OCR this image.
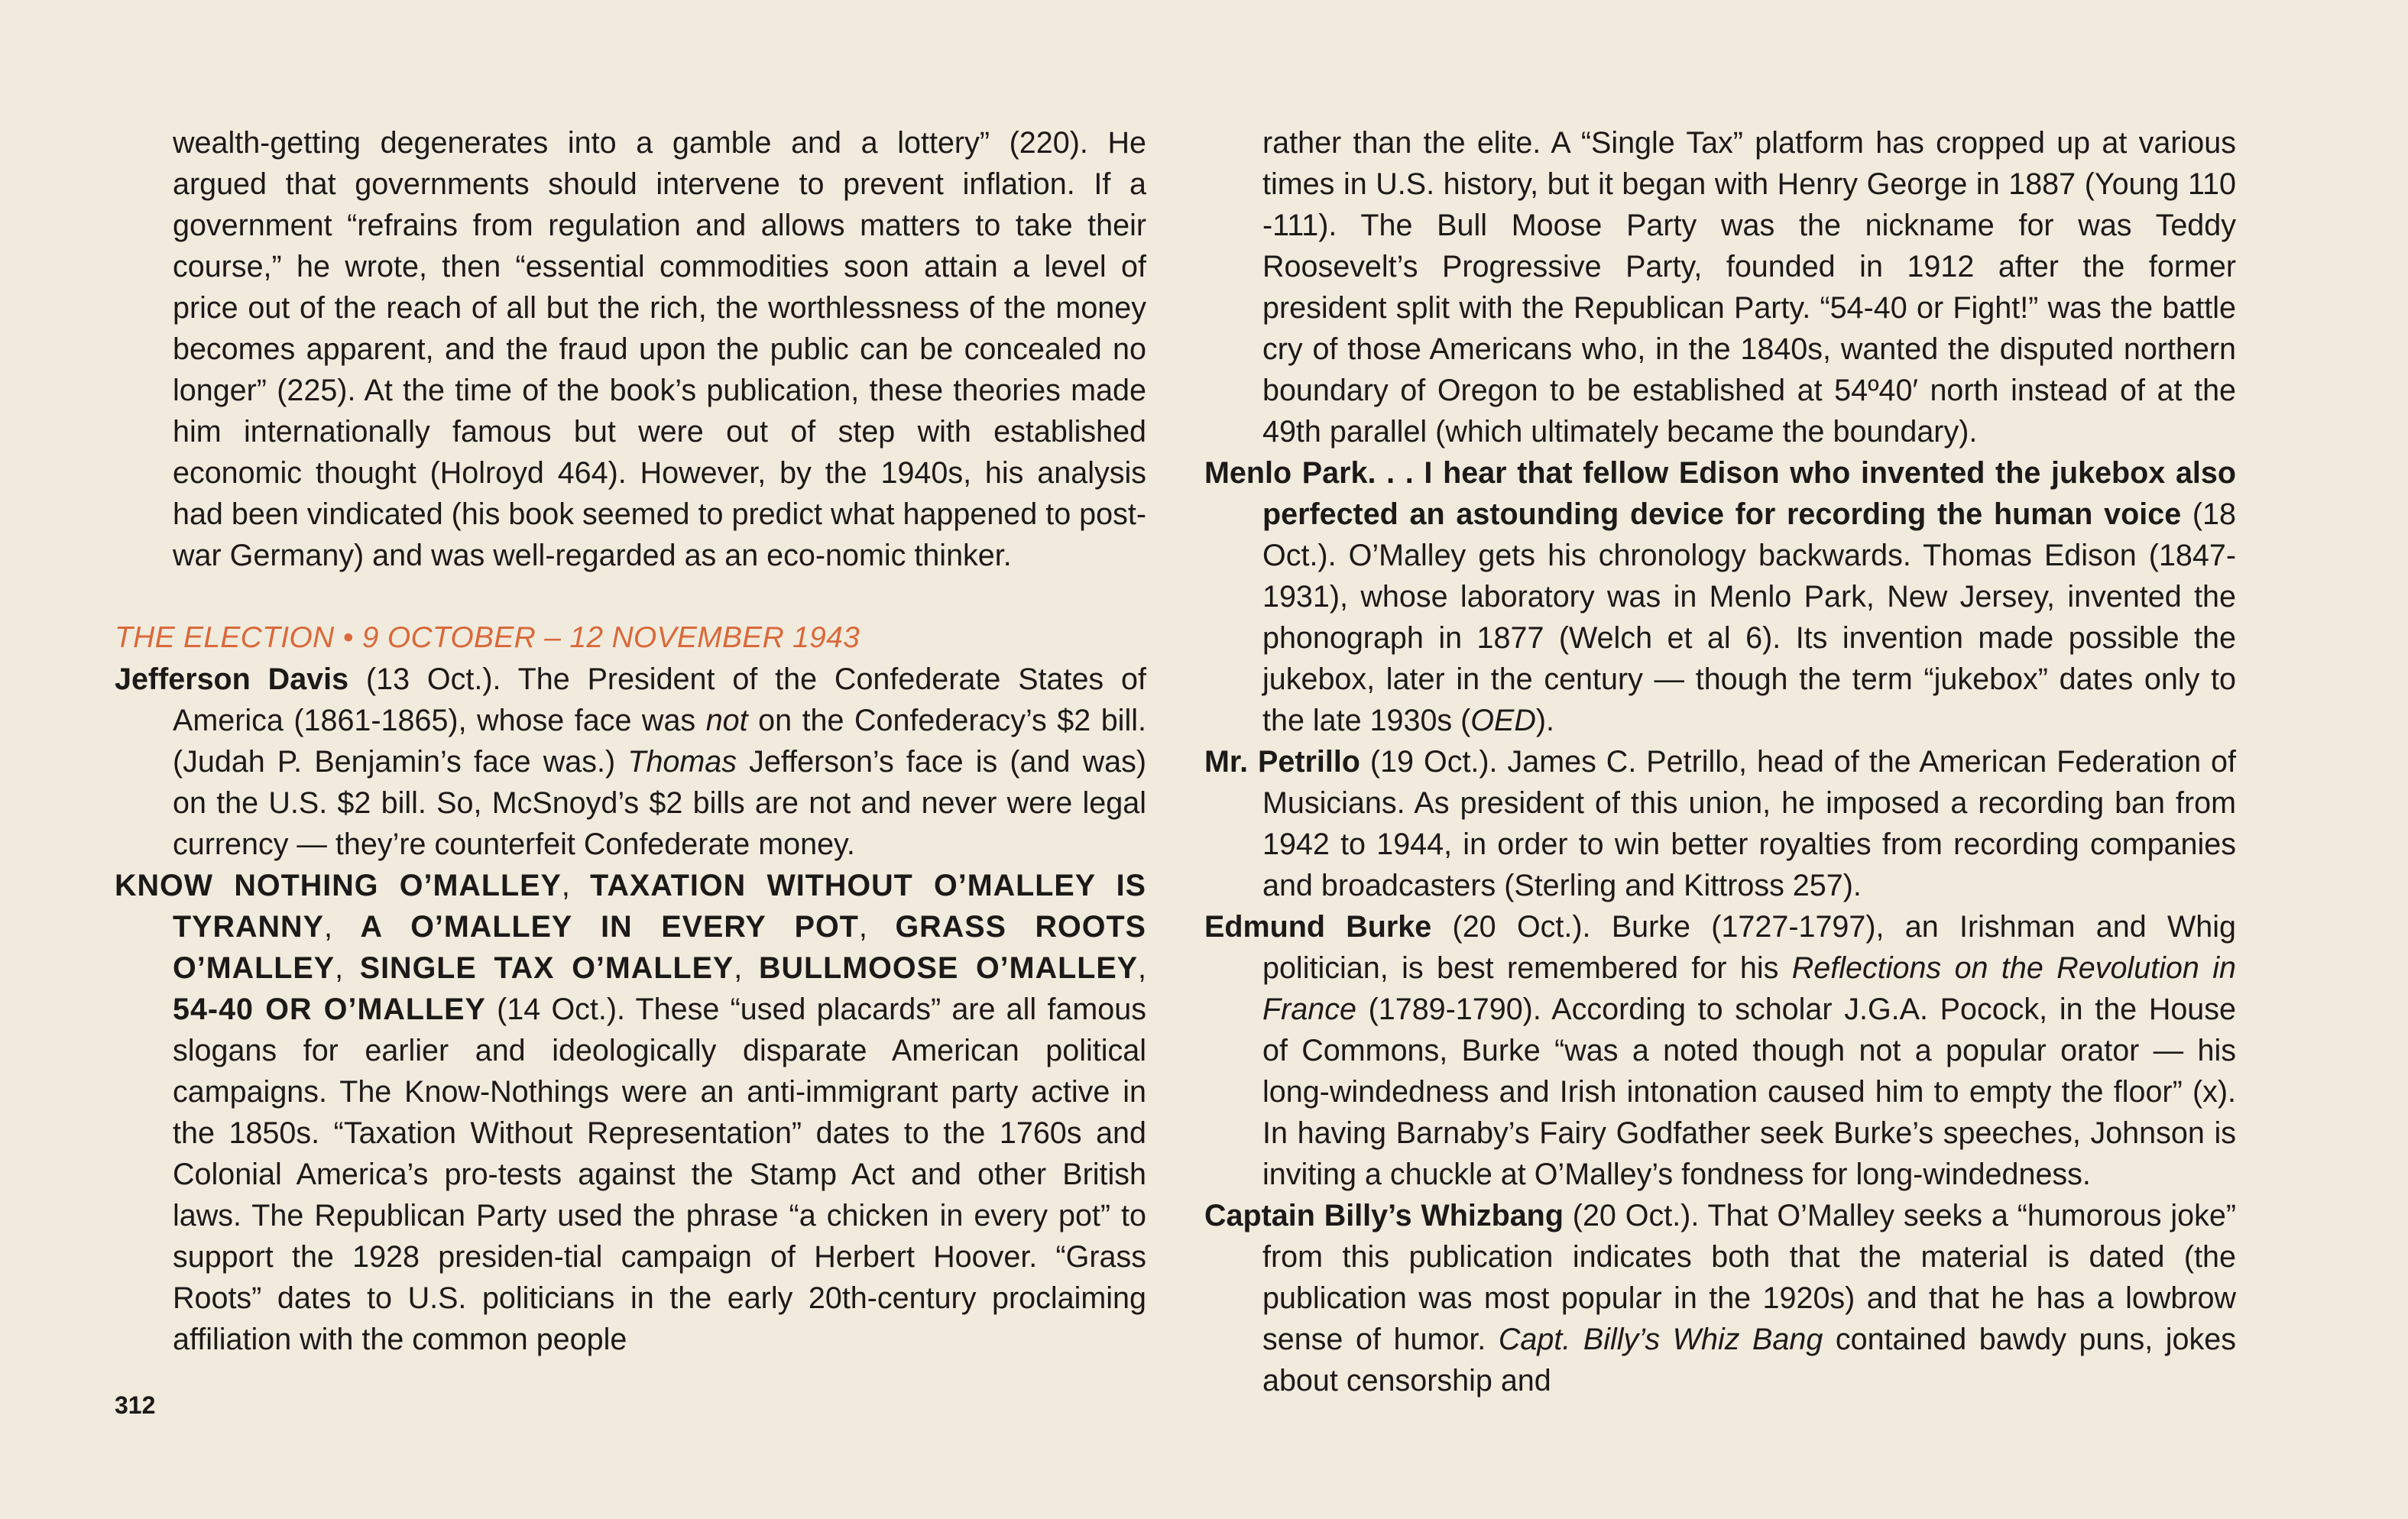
wealth-getting degenerates into a gamble and a lottery” (220). He argued that governments should intervene to prevent inflation. If a government “refrains from regulation and allows matters to take their course,” he wrote, then “essential commodities soon attain a level of price out of the reach of all but the rich, the worthlessness of the money becomes apparent, and the fraud upon the public can be concealed no longer” (225). At the time of the book’s publication, these theories made him internationally famous but were out of step with established economic thought (Holroyd 464). However, by the 1940s, his analysis had been vindicated (his book seemed to predict what happened to post-war Germany) and was well-regarded as an eco-nomic thinker.

THE ELECTION • 9 OCTOBER – 12 NOVEMBER 1943

Jefferson Davis (13 Oct.). The President of the Confederate States of America (1861-1865), whose face was not on the Confederacy’s $2 bill. (Judah P. Benjamin’s face was.) Thomas Jefferson’s face is (and was) on the U.S. $2 bill. So, McSnoyd’s $2 bills are not and never were legal currency — they’re counterfeit Confederate money.

KNOW NOTHING O’MALLEY, TAXATION WITHOUT O’MALLEY IS TYRANNY, A O’MALLEY IN EVERY POT, GRASS ROOTS O’MALLEY, SINGLE TAX O’MALLEY, BULLMOOSE O’MALLEY, 54-40 OR O’MALLEY (14 Oct.). These “used placards” are all famous slogans for earlier and ideologically disparate American political campaigns. The Know-Nothings were an anti-immigrant party active in the 1850s. “Taxation Without Representation” dates to the 1760s and Colonial America’s pro-tests against the Stamp Act and other British laws. The Republican Party used the phrase “a chicken in every pot” to support the 1928 presiden-tial campaign of Herbert Hoover. “Grass Roots” dates to U.S. politicians in the early 20th-century proclaiming affiliation with the common people

rather than the elite. A “Single Tax” platform has cropped up at various times in U.S. history, but it began with Henry George in 1887 (Young 110 -111). The Bull Moose Party was the nickname for was Teddy Roosevelt’s Progressive Party, founded in 1912 after the former president split with the Republican Party. “54-40 or Fight!” was the battle cry of those Americans who, in the 1840s, wanted the disputed northern boundary of Oregon to be established at 54º40′ north instead of at the 49th parallel (which ultimately became the boundary).

Menlo Park. . . I hear that fellow Edison who invented the jukebox also perfected an astounding device for recording the human voice (18 Oct.). O’Malley gets his chronology backwards. Thomas Edison (1847-1931), whose laboratory was in Menlo Park, New Jersey, invented the phonograph in 1877 (Welch et al 6). Its invention made possible the jukebox, later in the century — though the term “jukebox” dates only to the late 1930s (OED).

Mr. Petrillo (19 Oct.). James C. Petrillo, head of the American Federation of Musicians. As president of this union, he imposed a recording ban from 1942 to 1944, in order to win better royalties from recording companies and broadcasters (Sterling and Kittross 257).

Edmund Burke (20 Oct.). Burke (1727-1797), an Irishman and Whig politician, is best remembered for his Reflections on the Revolution in France (1789-1790). According to scholar J.G.A. Pocock, in the House of Commons, Burke “was a noted though not a popular orator — his long-windedness and Irish intonation caused him to empty the floor” (x). In having Barnaby’s Fairy Godfather seek Burke’s speeches, Johnson is inviting a chuckle at O’Malley’s fondness for long-windedness.

Captain Billy’s Whizbang (20 Oct.). That O’Malley seeks a “humorous joke” from this publication indicates both that the material is dated (the publication was most popular in the 1920s) and that he has a lowbrow sense of humor. Capt. Billy’s Whiz Bang contained bawdy puns, jokes about censorship and

312
